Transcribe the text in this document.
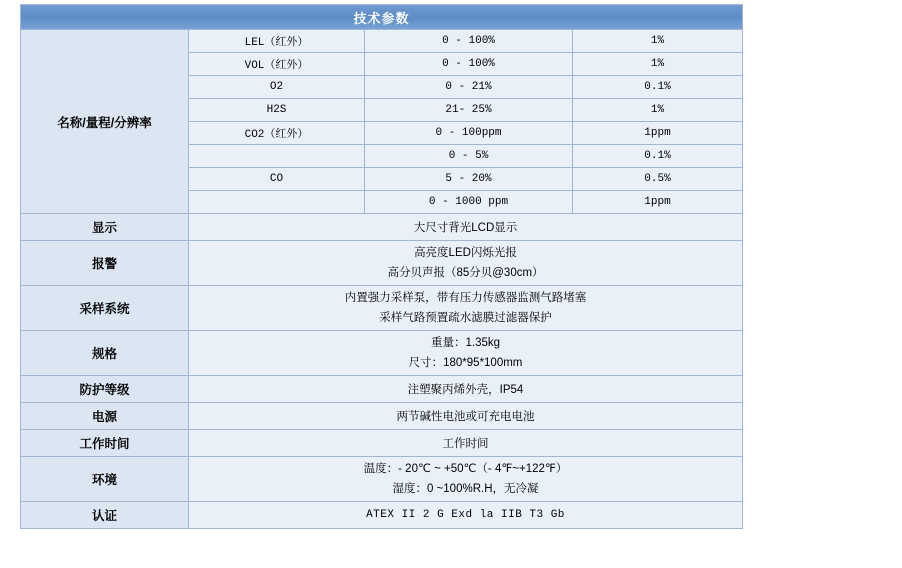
技术参数			
名称/量程/分辨率	LEL（红外）	0 - 100%	1%
	VOL（红外）	0 - 100%	1%
	O2	0 - 21%	0.1%
	H2S	21- 25%	1%
	CO2（红外）	0 - 100ppm	1ppm
		0 - 5%	0.1%
	CO	5 - 20%	0.5%
		0 - 1000 ppm	1ppm
显示	大尺寸背光LCD显示		

报警	高亮度LED闪烁光报
高分贝声报（85分贝@30cm）		

采样系统	内置强力采样泵，带有压力传感器监测气路堵塞
采样气路预置疏水滤膜过滤器保护		

规格	重量：1.35kg
尺寸：180*95*100mm		

防护等级	注塑聚丙烯外壳，IP54		

电源	两节碱性电池或可充电电池		

工作时间	工作时间		

环境	温度：- 20℃ ~ +50℃（- 4℉~+122℉）
湿度：0 ~100%R.H，无冷凝		

认证	ATEX II 2 G Exd la IIB T3 Gb		
